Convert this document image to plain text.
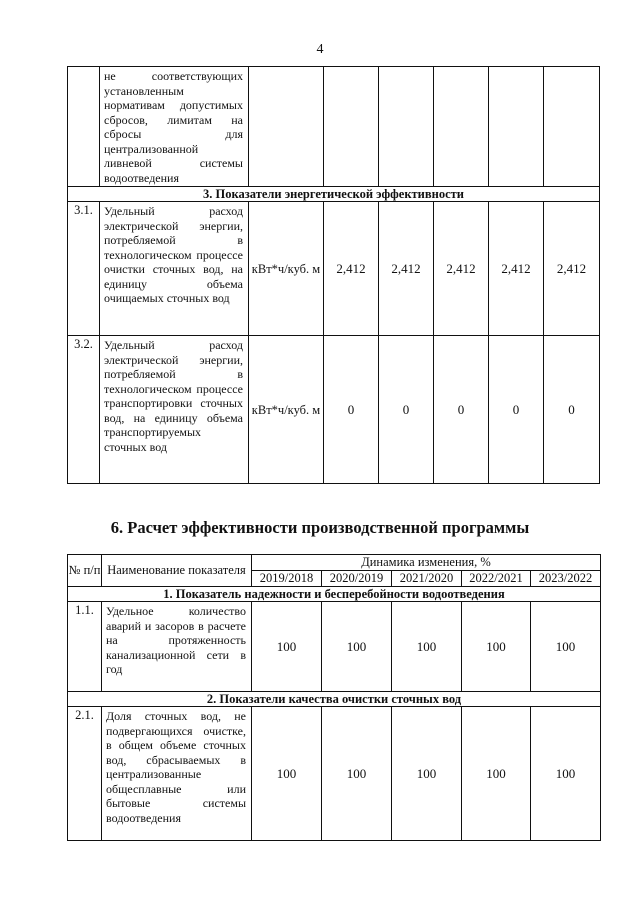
4
	не соответствующих установленным нормативам допустимых сбросов, лимитам на сбросы для централизованной ливневой системы водоотведения						
3. Показатели энергетической эффективности							
3.1.	Удельный расход электрической энергии, потребляемой в технологическом процессе очистки сточных вод, на единицу объема очищаемых сточных вод	кВт*ч/куб. м	2,412	2,412	2,412	2,412	2,412
3.2.	Удельный расход электрической энергии, потребляемой в технологическом процессе транспортировки сточных вод, на единицу объема транспортируемых сточных вод	кВт*ч/куб. м	0	0	0	0	0
6. Расчет эффективности производственной программы
№ п/п	Наименование показателя	Динамика изменения, %				
		2019/2018	2020/2019	2021/2020	2022/2021	2023/2022
1. Показатель надежности и бесперебойности водоотведения						
1.1.	Удельное количество аварий и засоров в расчете на протяженность канализационной сети в год	100	100	100	100	100
2. Показатели качества очистки сточных вод						
2.1.	Доля сточных вод, не подвергающихся очистке, в общем объеме сточных вод, сбрасываемых в централизованные общесплавные или бытовые системы водоотведения	100	100	100	100	100
